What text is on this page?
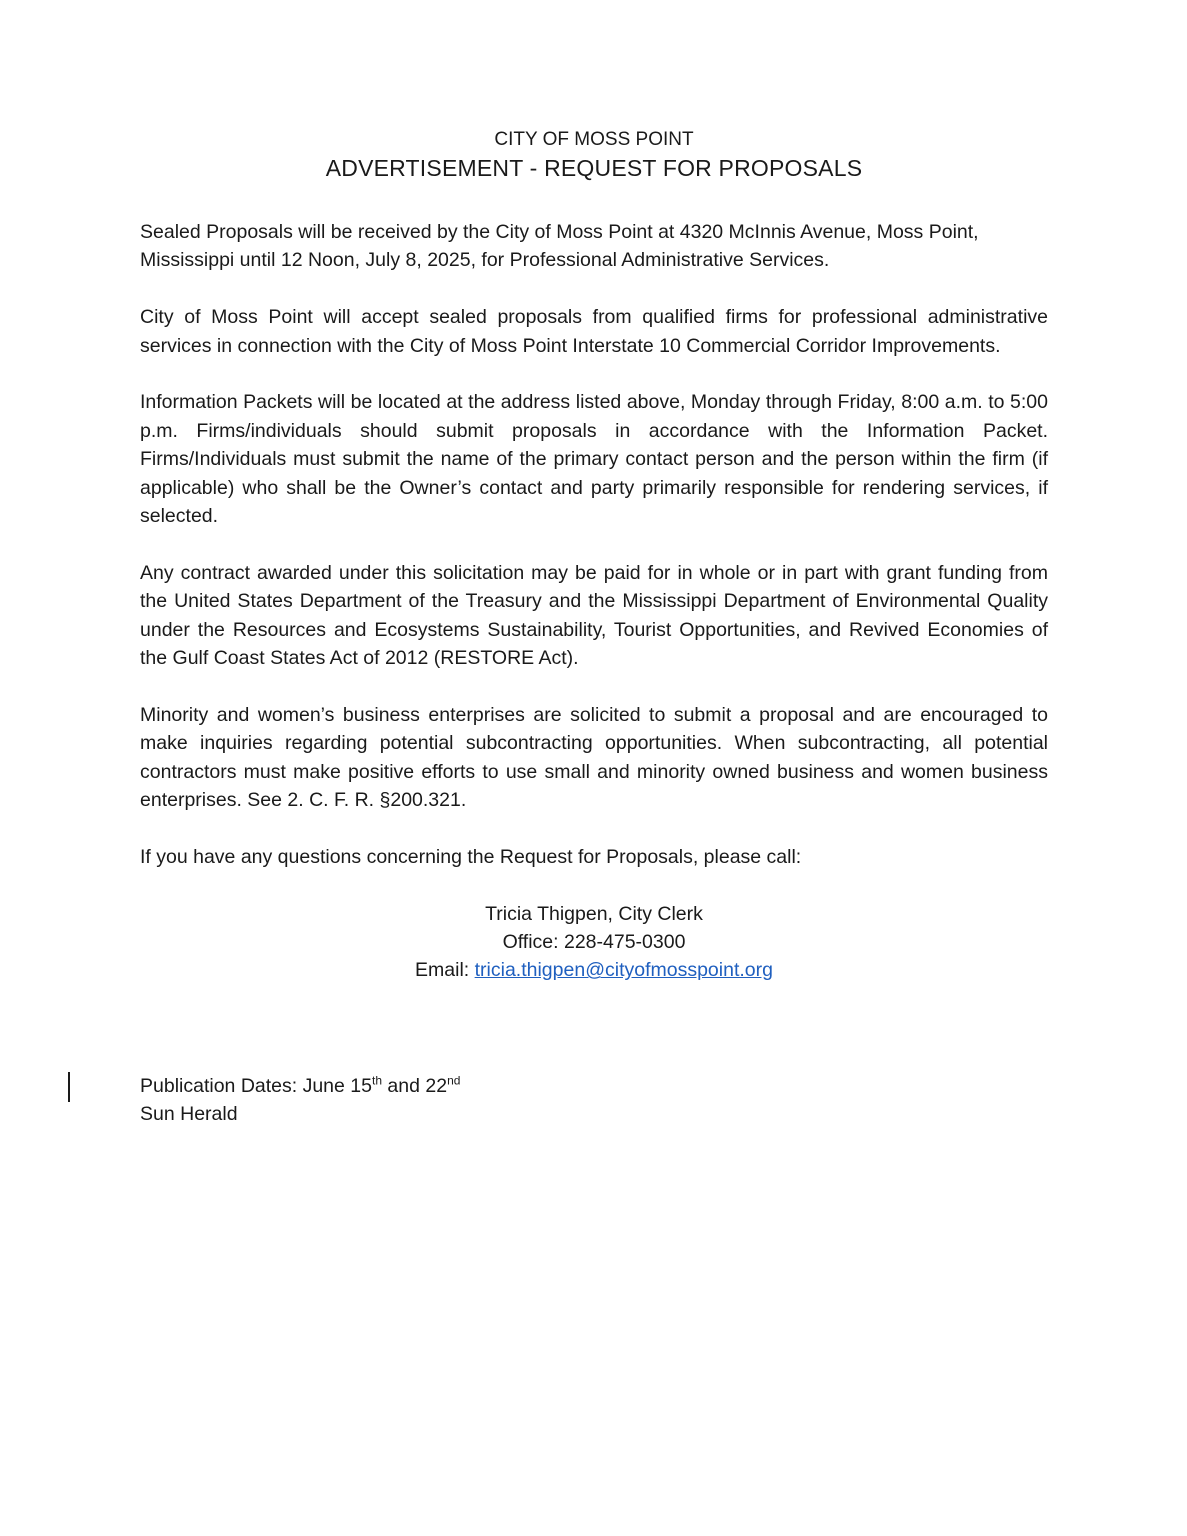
CITY OF MOSS POINT

ADVERTISEMENT - REQUEST FOR PROPOSALS

Sealed Proposals will be received by the City of Moss Point at 4320 McInnis Avenue, Moss Point, Mississippi until 12 Noon, July 8, 2025, for Professional Administrative Services.

City of Moss Point will accept sealed proposals from qualified firms for professional administrative services in connection with the City of Moss Point Interstate 10 Commercial Corridor Improvements.

Information Packets will be located at the address listed above, Monday through Friday, 8:00 a.m. to 5:00 p.m. Firms/individuals should submit proposals in accordance with the Information Packet. Firms/Individuals must submit the name of the primary contact person and the person within the firm (if applicable) who shall be the Owner’s contact and party primarily responsible for rendering services, if selected.

Any contract awarded under this solicitation may be paid for in whole or in part with grant funding from the United States Department of the Treasury and the Mississippi Department of Environmental Quality under the Resources and Ecosystems Sustainability, Tourist Opportunities, and Revived Economies of the Gulf Coast States Act of 2012 (RESTORE Act).

Minority and women’s business enterprises are solicited to submit a proposal and are encouraged to make inquiries regarding potential subcontracting opportunities. When subcontracting, all potential contractors must make positive efforts to use small and minority owned business and women business enterprises. See 2. C. F. R. §200.321.

If you have any questions concerning the Request for Proposals, please call:

Tricia Thigpen, City Clerk
Office: 228-475-0300
Email: tricia.thigpen@cityofmosspoint.org
Publication Dates: June 15th and 22nd
Sun Herald
